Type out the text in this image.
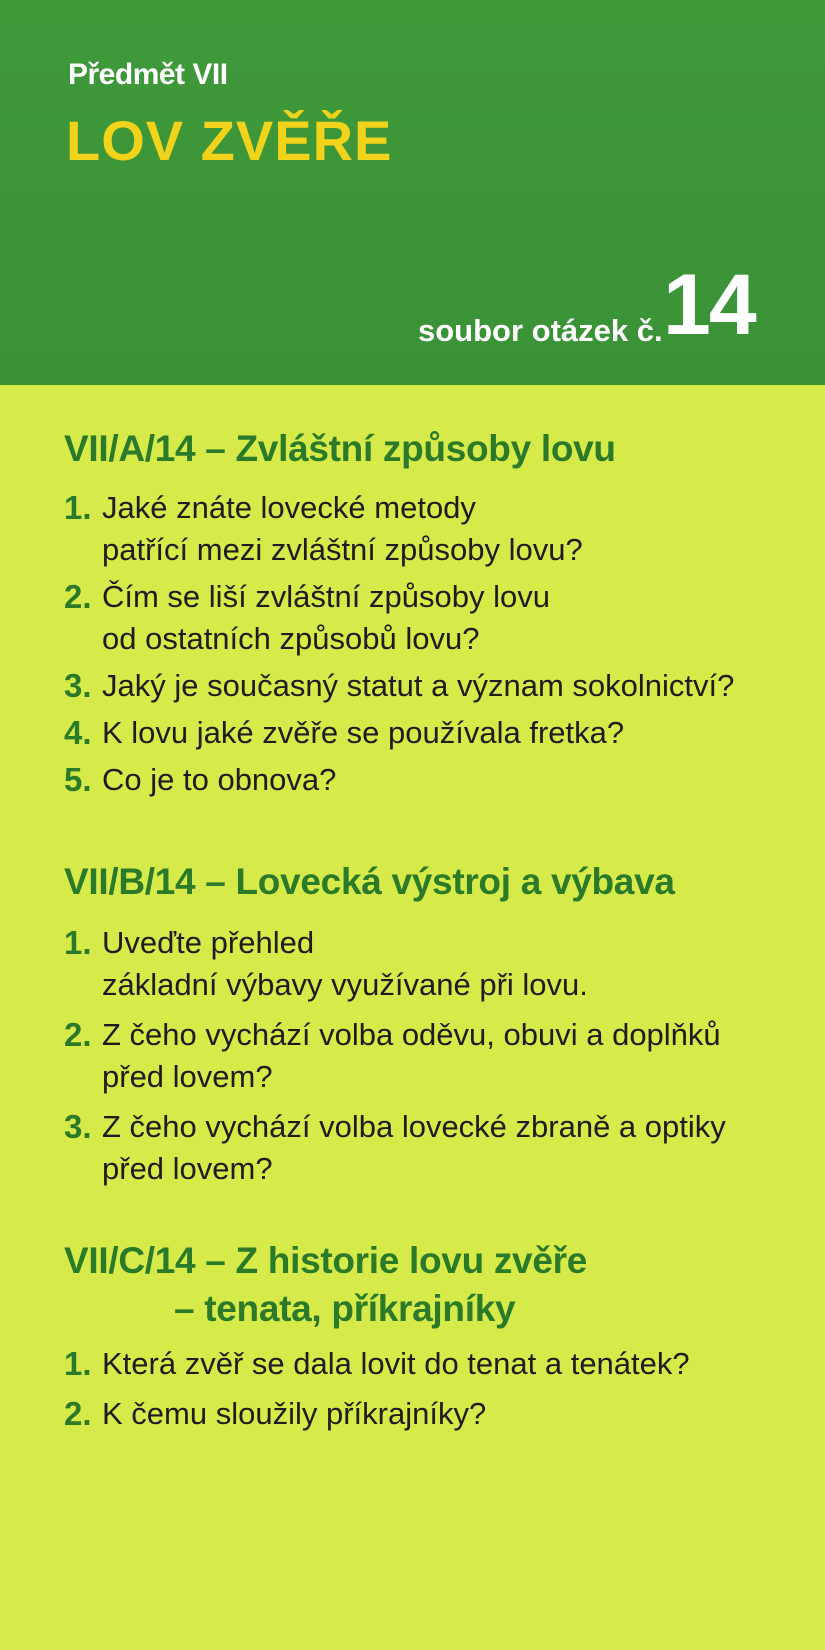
Předmět VII
LOV ZVĚŘE
soubor otázek č. 14
VII/A/14 – Zvláštní způsoby lovu
1. Jaké znáte lovecké metody
patřící mezi zvláštní způsoby lovu?
2. Čím se liší zvláštní způsoby lovu
od ostatních způsobů lovu?
3. Jaký je současný statut a význam sokolnictví?
4. K lovu jaké zvěře se používala fretka?
5. Co je to obnova?
VII/B/14 – Lovecká výstroj a výbava
1. Uveďte přehled
základní výbavy využívané při lovu.
2. Z čeho vychází volba oděvu, obuvi a doplňků
před lovem?
3. Z čeho vychází volba lovecké zbraně a optiky
před lovem?
VII/C/14 – Z historie lovu zvěře
– tenata, příkrajníky
1. Která zvěř se dala lovit do tenat a tenátek?
2. K čemu sloužily příkrajníky?
